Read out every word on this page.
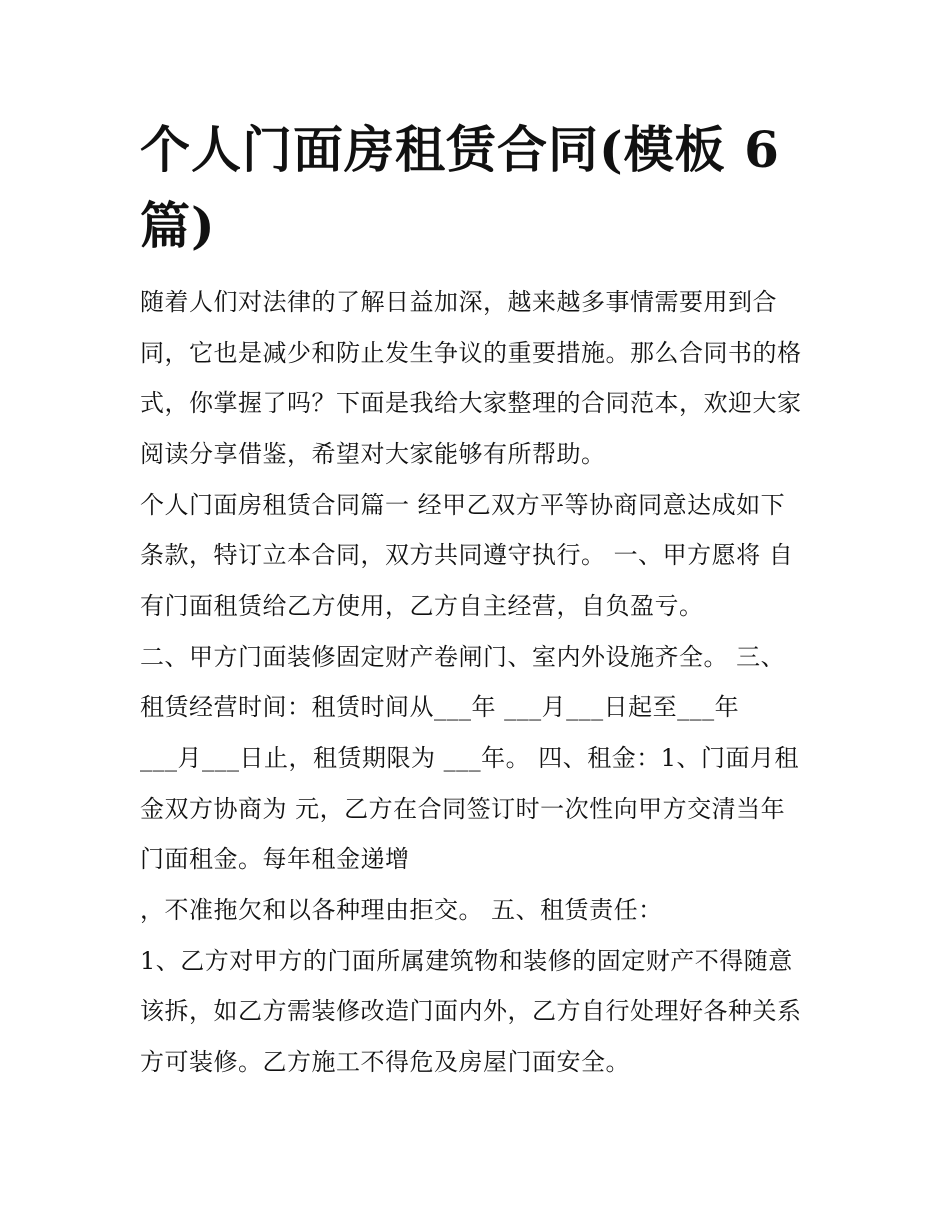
个人门面房租赁合同(模板 6篇)

随着人们对法律的了解日益加深，越来越多事情需要用到合

同，它也是减少和防止发生争议的重要措施。那么合同书的格

式，你掌握了吗？下面是我给大家整理的合同范本，欢迎大家

阅读分享借鉴，希望对大家能够有所帮助。

个人门面房租赁合同篇一 经甲乙双方平等协商同意达成如下

条款，特订立本合同，双方共同遵守执行。 一、甲方愿将 自

有门面租赁给乙方使用，乙方自主经营，自负盈亏。

二、甲方门面装修固定财产卷闸门、室内外设施齐全。 三、

租赁经营时间：租赁时间从___年 ___月___日起至___年

___月___日止，租赁期限为 ___年。 四、租金：1、门面月租

金双方协商为 元，乙方在合同签订时一次性向甲方交清当年

门面租金。每年租金递增

，不准拖欠和以各种理由拒交。 五、租赁责任：

1、乙方对甲方的门面所属建筑物和装修的固定财产不得随意

该拆，如乙方需装修改造门面内外，乙方自行处理好各种关系

方可装修。乙方施工不得危及房屋门面安全。
